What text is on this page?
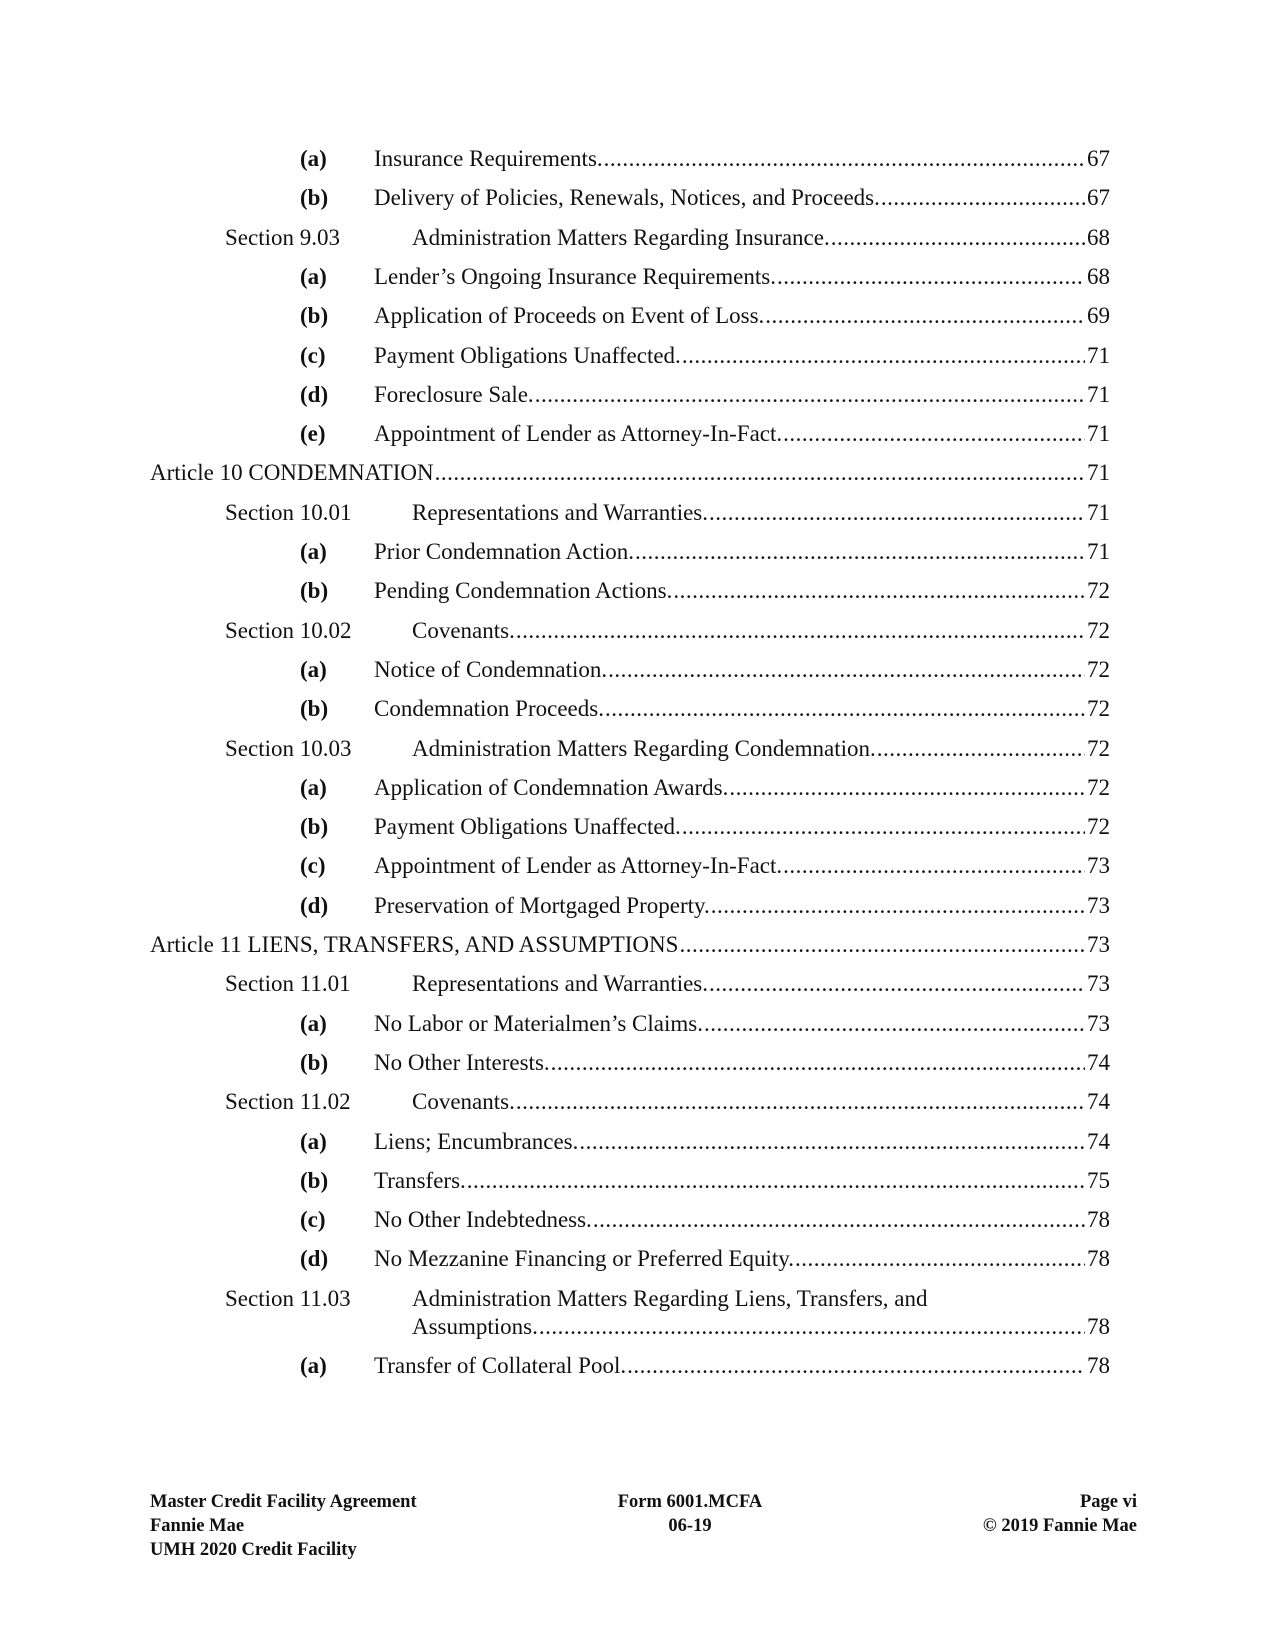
(a) Insurance Requirements. .....	67
(b) Delivery of Policies, Renewals, Notices, and Proceeds. .....	67
Section 9.03	Administration Matters Regarding Insurance. .....	68
(a) Lender’s Ongoing Insurance Requirements. .....	68
(b) Application of Proceeds on Event of Loss. .....	69
(c) Payment Obligations Unaffected. .....	71
(d) Foreclosure Sale. .....	71
(e) Appointment of Lender as Attorney-In-Fact. .....	71
Article 10 CONDEMNATION .....	71
Section 10.01	Representations and Warranties. .....	71
(a) Prior Condemnation Action. .....	71
(b) Pending Condemnation Actions. .....	72
Section 10.02	Covenants. .....	72
(a) Notice of Condemnation. .....	72
(b) Condemnation Proceeds. .....	72
Section 10.03	Administration Matters Regarding Condemnation. .....	72
(a) Application of Condemnation Awards. .....	72
(b) Payment Obligations Unaffected. .....	72
(c) Appointment of Lender as Attorney-In-Fact. .....	73
(d) Preservation of Mortgaged Property. .....	73
Article 11 LIENS, TRANSFERS, AND ASSUMPTIONS .....	73
Section 11.01	Representations and Warranties. .....	73
(a) No Labor or Materialmen’s Claims. .....	73
(b) No Other Interests. .....	74
Section 11.02	Covenants. .....	74
(a) Liens; Encumbrances. .....	74
(b) Transfers. .....	75
(c) No Other Indebtedness. .....	78
(d) No Mezzanine Financing or Preferred Equity. .....	78
Section 11.03	Administration Matters Regarding Liens, Transfers, and
Assumptions. .....	78
(a) Transfer of Collateral Pool. .....	78
Master Credit Facility Agreement
Fannie Mae
UMH 2020 Credit Facility
Form 6001.MCFA
06-19
Page vi
© 2019 Fannie Mae
